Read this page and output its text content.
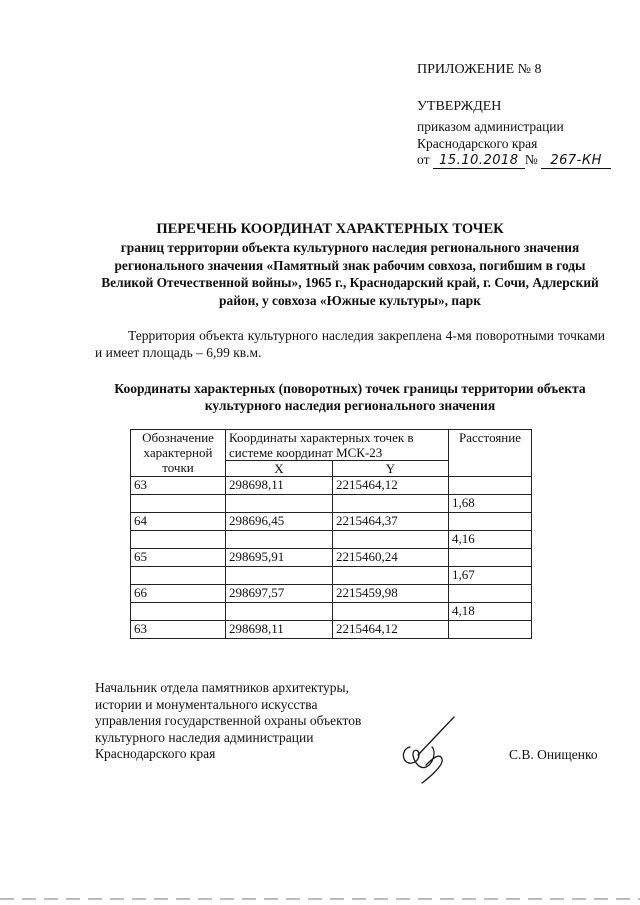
ПРИЛОЖЕНИЕ № 8
УТВЕРЖДЕН
приказом администрации
Краснодарского края
от 15.10.2018 № 267-КН
ПЕРЕЧЕНЬ КООРДИНАТ ХАРАКТЕРНЫХ ТОЧЕК
границ территории объекта культурного наследия регионального значения регионального значения «Памятный знак рабочим совхоза, погибшим в годы Великой Отечественной войны», 1965 г., Краснодарский край, г. Сочи, Адлерский район, у совхоза «Южные культуры», парк
Территория объекта культурного наследия закреплена 4-мя поворотными точками и имеет площадь – 6,99 кв.м.
Координаты характерных (поворотных) точек границы территории объекта культурного наследия регионального значения
Обозначение характерной точки	Координаты характерных точек в системе координат МСК-23		Расстояние
	X	Y	
63	298698,11	2215464,12	
			1,68
64	298696,45	2215464,37	
			4,16
65	298695,91	2215460,24	
			1,67
66	298697,57	2215459,98	
			4,18
63	298698,11	2215464,12	
Начальник отдела памятников архитектуры,
истории и монументального искусства
управления государственной охраны объектов
культурного наследия администрации
Краснодарского края	С.В. Онищенко
